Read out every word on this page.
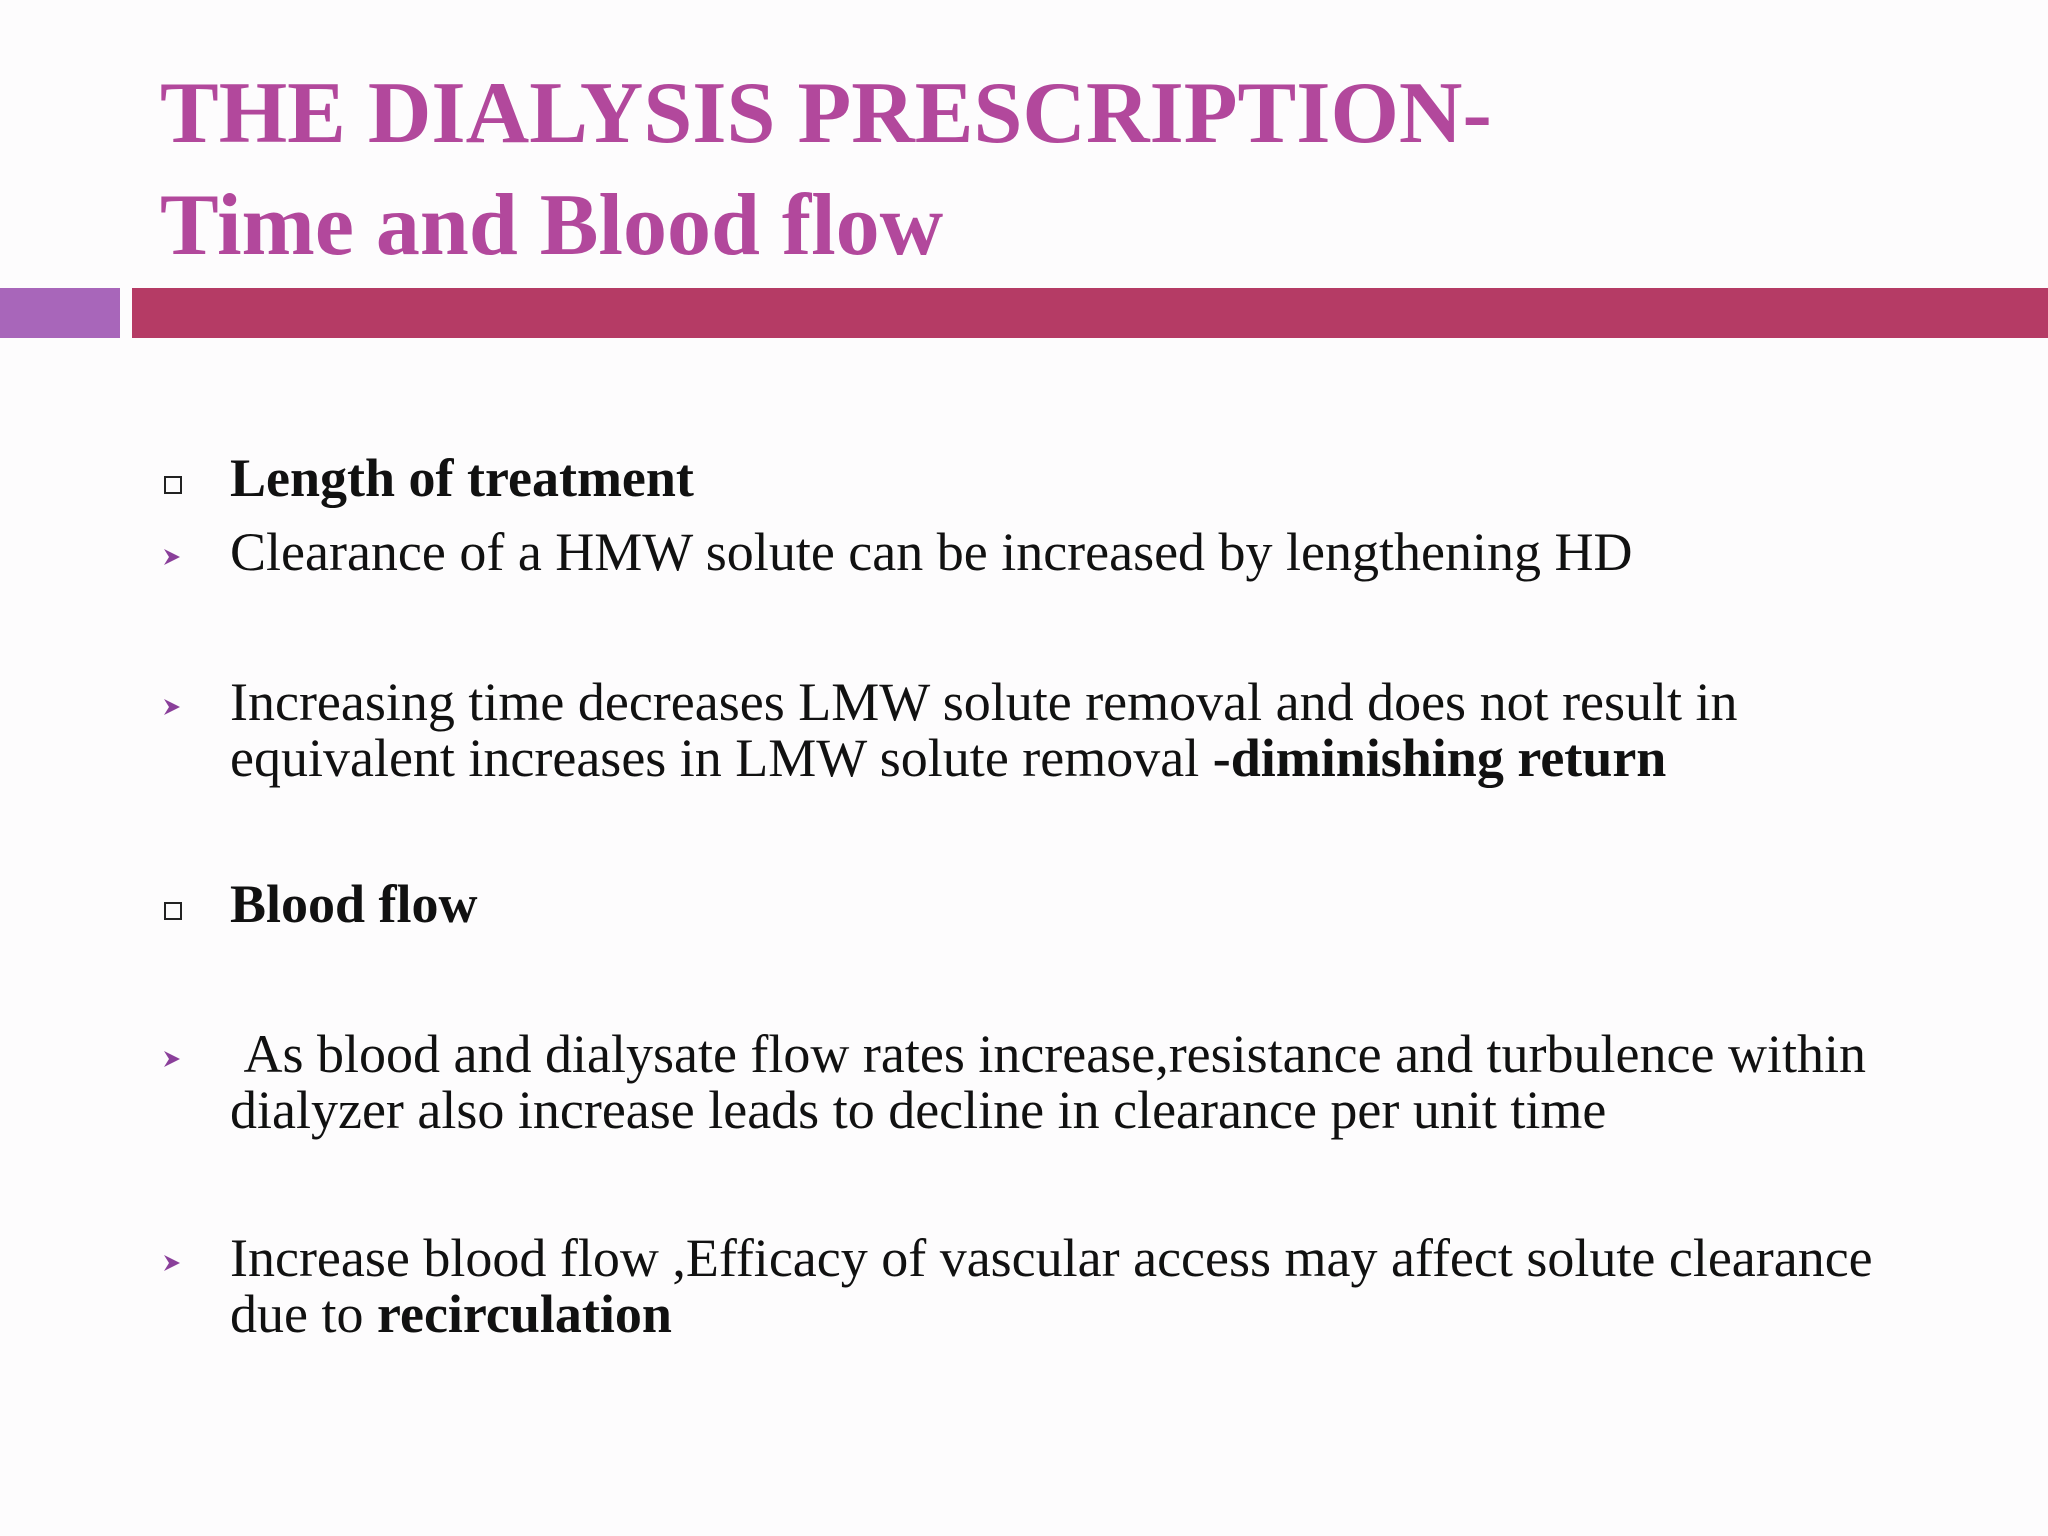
THE DIALYSIS PRESCRIPTION-
Time and Blood flow
Length of treatment
Clearance of a HMW solute can be increased by lengthening HD
Increasing time decreases LMW solute removal and does not result in equivalent increases in LMW solute removal -diminishing return
Blood flow
As blood and dialysate flow rates increase,resistance and turbulence within dialyzer also increase leads to decline in clearance per unit time
Increase blood flow ,Efficacy of vascular access may affect solute clearance due to recirculation
